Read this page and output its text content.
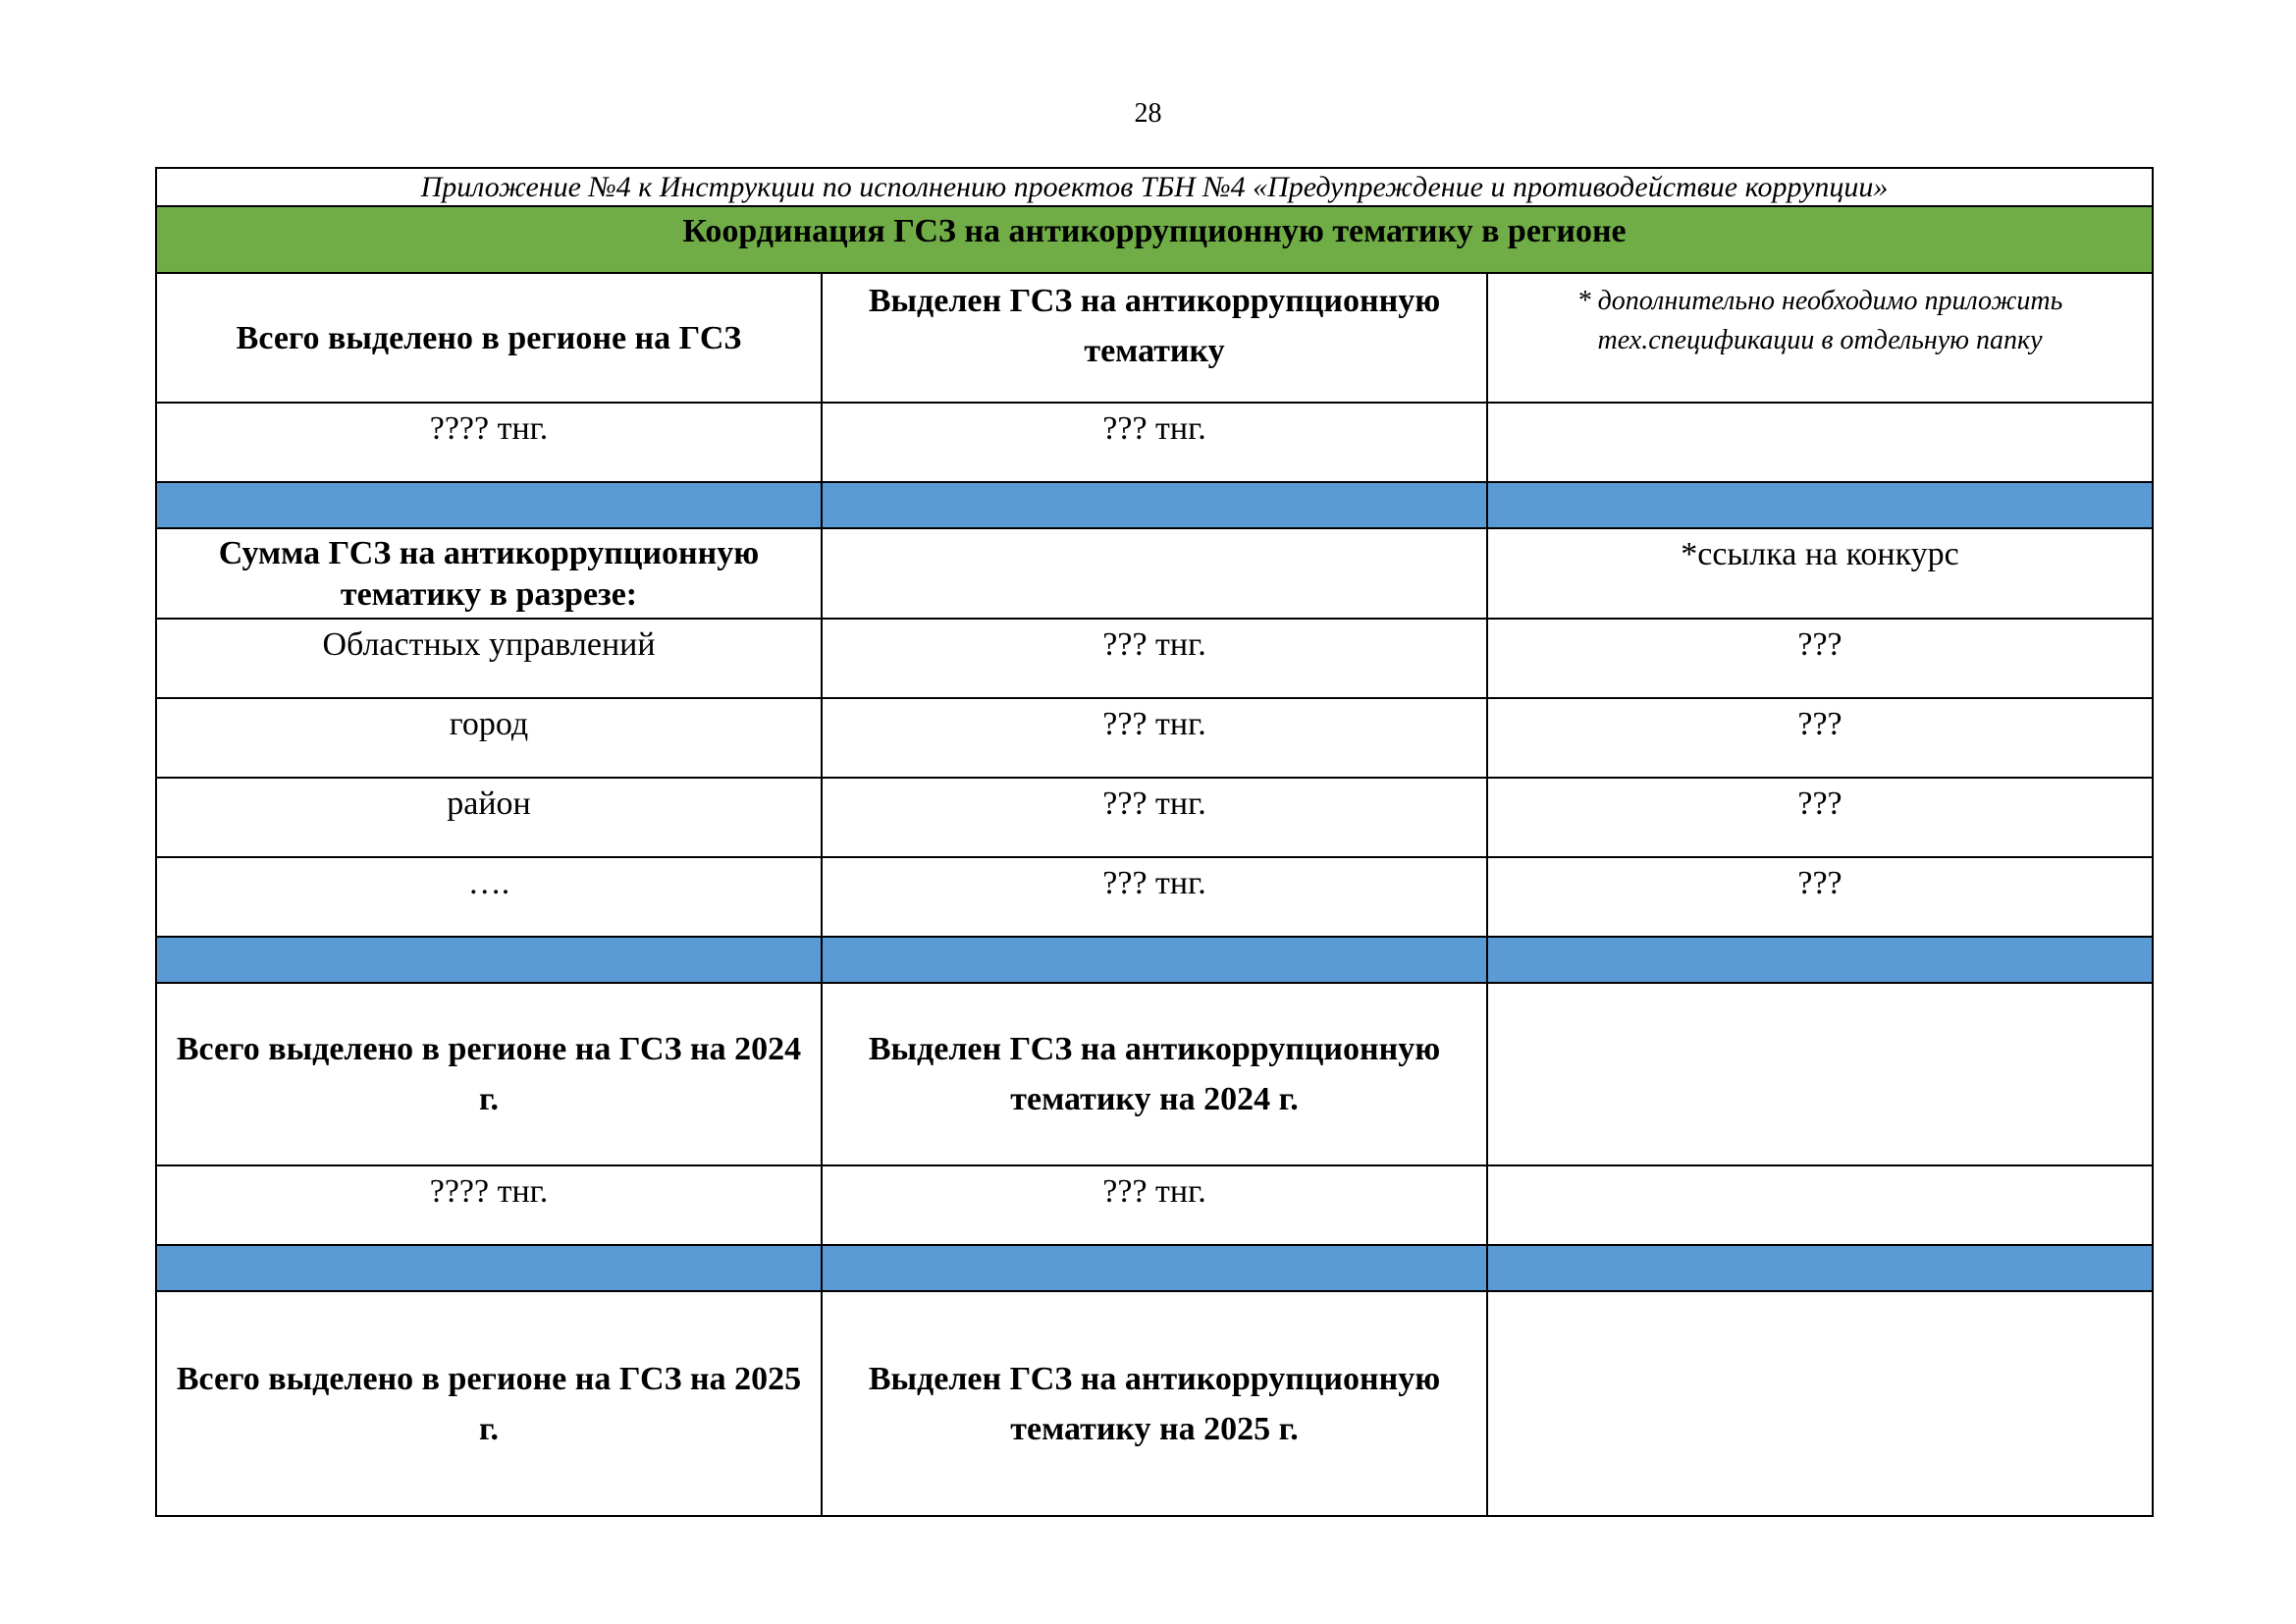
28
Приложение №4 к Инструкции по исполнению проектов ТБН №4 «Предупреждение и противодействие коррупции»		
Координация ГСЗ на антикоррупционную тематику в регионе		
Всего выделено в регионе на ГСЗ	Выделен ГСЗ на антикоррупционную тематику	* дополнительно необходимо приложить тех.спецификации в отдельную папку
???? тнг.	??? тнг.	

Сумма ГСЗ на антикоррупционную тематику в разрезе:		*ссылка на конкурс
Областных управлений	??? тнг.	???
город	??? тнг.	???
район	??? тнг.	???
….	??? тнг.	???

Всего выделено в регионе на ГСЗ на 2024 г.	Выделен ГСЗ на антикоррупционную тематику на 2024 г.	
???? тнг.	??? тнг.	

Всего выделено в регионе на ГСЗ на 2025 г.	Выделен ГСЗ на антикоррупционную тематику на 2025 г.	
